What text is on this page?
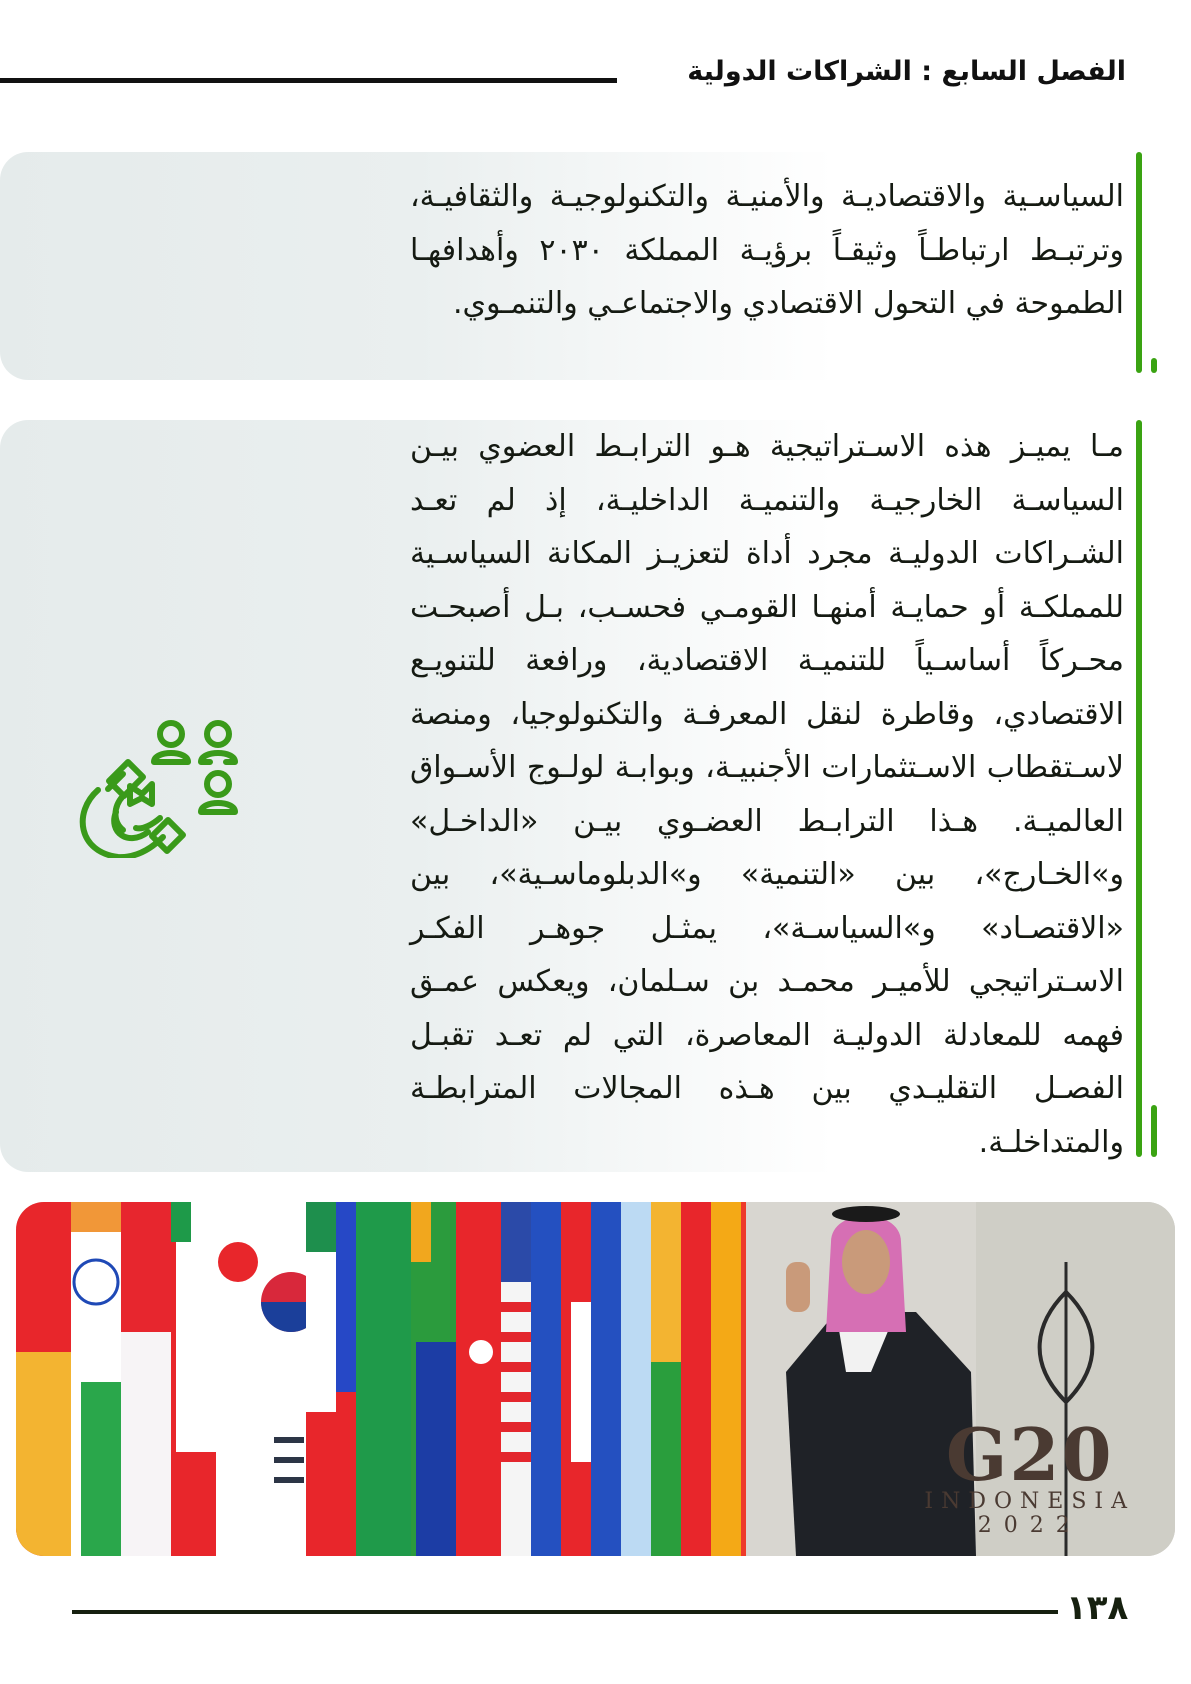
الفصل السابع : الشراكات الدولية

السياسـية والاقتصاديـة والأمنيـة والتكنولوجيـة والثقافيـة، وترتبـط ارتباطـاً وثيقـاً برؤيـة المملكة ٢٠٣٠ وأهدافهـا الطموحة في التحول الاقتصادي والاجتماعـي والتنمـوي.

مـا يميـز هذه الاسـتراتيجية هـو الترابـط العضوي بيـن السياسـة الخارجيـة والتنميـة الداخليـة، إذ لم تعـد الشـراكات الدوليـة مجرد أداة لتعزيـز المكانة السياسـية للمملكـة أو حمايـة أمنهـا القومـي فحسـب، بـل أصبحـت محـركاً أساسـياً للتنميـة الاقتصادية، ورافعة للتنويـع الاقتصادي، وقاطرة لنقل المعرفـة والتكنولوجيا، ومنصة لاسـتقطاب الاسـتثمارات الأجنبيـة، وبوابـة لولـوج الأسـواق العالميـة. هـذا الترابـط العضـوي بيـن «الداخـل» و»الخـارج»، بين «التنمية» و»الدبلوماسـية»، بين «الاقتصـاد» و»السياسـة»، يمثـل جوهـر الفكـر الاسـتراتيجي للأميـر محمـد بن سـلمان، ويعكس عمـق فهمه للمعادلة الدوليـة المعاصرة، التي لم تعـد تقبـل الفصـل التقليـدي بين هـذه المجالات المترابطـة والمتداخلـة.

G20
INDONESIA
2022
١٣٨
